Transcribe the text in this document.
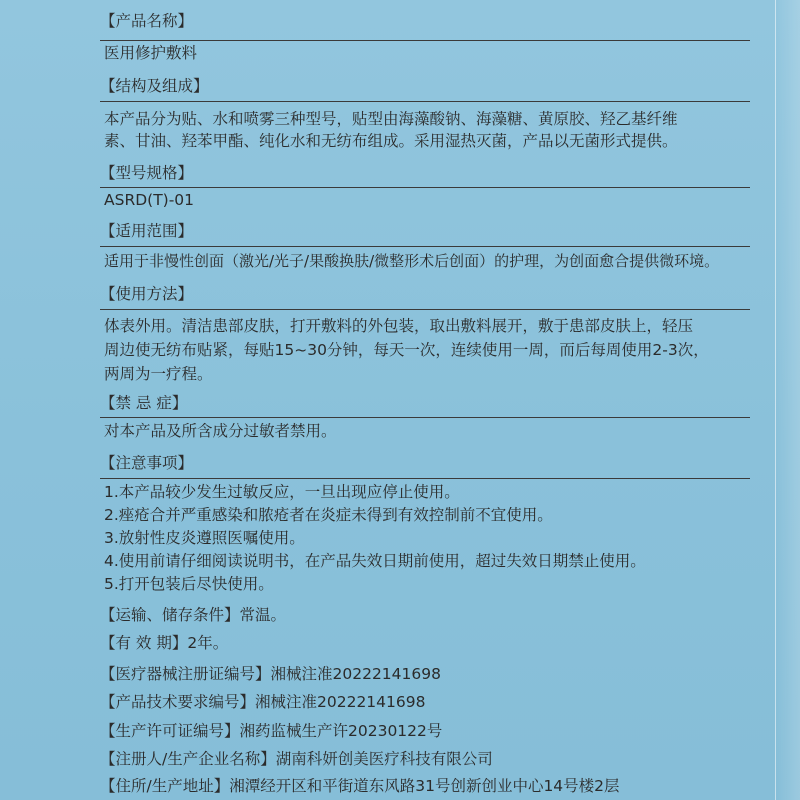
【产品名称】
医用修护敷料
【结构及组成】
本产品分为贴、水和喷雾三种型号，贴型由海藻酸钠、海藻糖、黄原胶、羟乙基纤维
素、甘油、羟苯甲酯、纯化水和无纺布组成。采用湿热灭菌，产品以无菌形式提供。
【型号规格】
ASRD(T)-01
【适用范围】
适用于非慢性创面（激光/光子/果酸换肤/微整形术后创面）的护理，为创面愈合提供微环境。
【使用方法】
体表外用。清洁患部皮肤，打开敷料的外包装，取出敷料展开，敷于患部皮肤上，轻压
周边使无纺布贴紧，每贴15~30分钟，每天一次，连续使用一周，而后每周使用2-3次，
两周为一疗程。
【禁 忌 症】
对本产品及所含成分过敏者禁用。
【注意事项】
1.本产品较少发生过敏反应，一旦出现应停止使用。
2.痤疮合并严重感染和脓疮者在炎症未得到有效控制前不宜使用。
3.放射性皮炎遵照医嘱使用。
4.使用前请仔细阅读说明书，在产品失效日期前使用，超过失效日期禁止使用。
5.打开包装后尽快使用。
【运输、储存条件】常温。
【有 效 期】2年。
【医疗器械注册证编号】湘械注准20222141698
【产品技术要求编号】湘械注准20222141698
【生产许可证编号】湘药监械生产许20230122号
【注册人/生产企业名称】湖南科妍创美医疗科技有限公司
【住所/生产地址】湘潭经开区和平街道东风路31号创新创业中心14号楼2层
